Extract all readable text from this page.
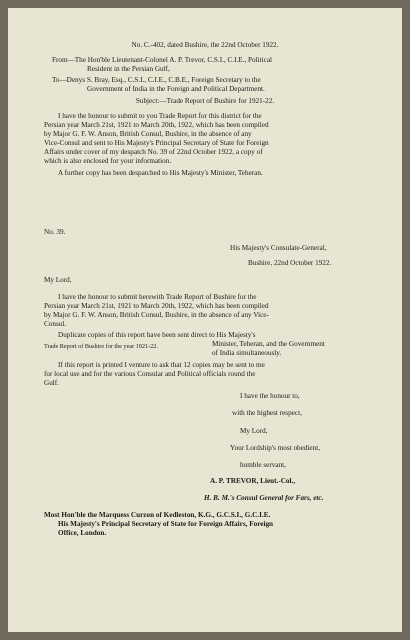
No. C.-402, dated Bushire, the 22nd October 1922.
From—The Hon'ble Lieutenant-Colonel A. P. Trevor, C.S.I., C.I.E., Political
Resident in the Persian Gulf,
To—Denys S. Bray, Esq., C.S.I., C.I.E., C.B.E., Foreign Secretary to the
Government of India in the Foreign and Political Department.
Subject:—Trade Report of Bushire for 1921-22.
I have the honour to submit to you Trade Report for this district for the
Persian year March 21st, 1921 to March 20th, 1922, which has been compiled
by Major G. F. W. Anson, British Consul, Bushire, in the absence of any
Vice-Consul and sent to His Majesty's Principal Secretary of State for Foreign
Affairs under cover of my despatch No. 39 of 22nd October 1922, a copy of
which is also enclosed for your information.
A further copy has been despatched to His Majesty's Minister, Teheran.
No. 39.
His Majesty's Consulate-General,
Bushire, 22nd October 1922.
My Lord,
I have the honour to submit herewith Trade Report of Bushire for the
Persian year March 21st, 1921 to March 20th, 1922, which has been compiled
by Major G. F. W. Anson, British Consul, Bushire, in the absence of any Vice-
Consul.
Duplicate copies of this report have been sent direct to His Majesty's
Trade Report of Bushire for the year 1921-22.	Minister, Teheran, and the Government
of India simultaneously.
If this report is printed I venture to ask that 12 copies may be sent to me
for local use and for the various Consular and Political officials round the
Gulf.
I have the honour to,
with the highest respect,
My Lord,
Your Lordship's most obedient,
humble servant,
A. P. TREVOR, Lieut.-Col.,
H. B. M.'s Consul General for Fars, etc.
Most Hon'ble the Marquess Curzon of Kedleston, K.G., G.C.S.I., G.C.I.E.
His Majesty's Principal Secretary of State for Foreign Affairs, Foreign
Office, London.
